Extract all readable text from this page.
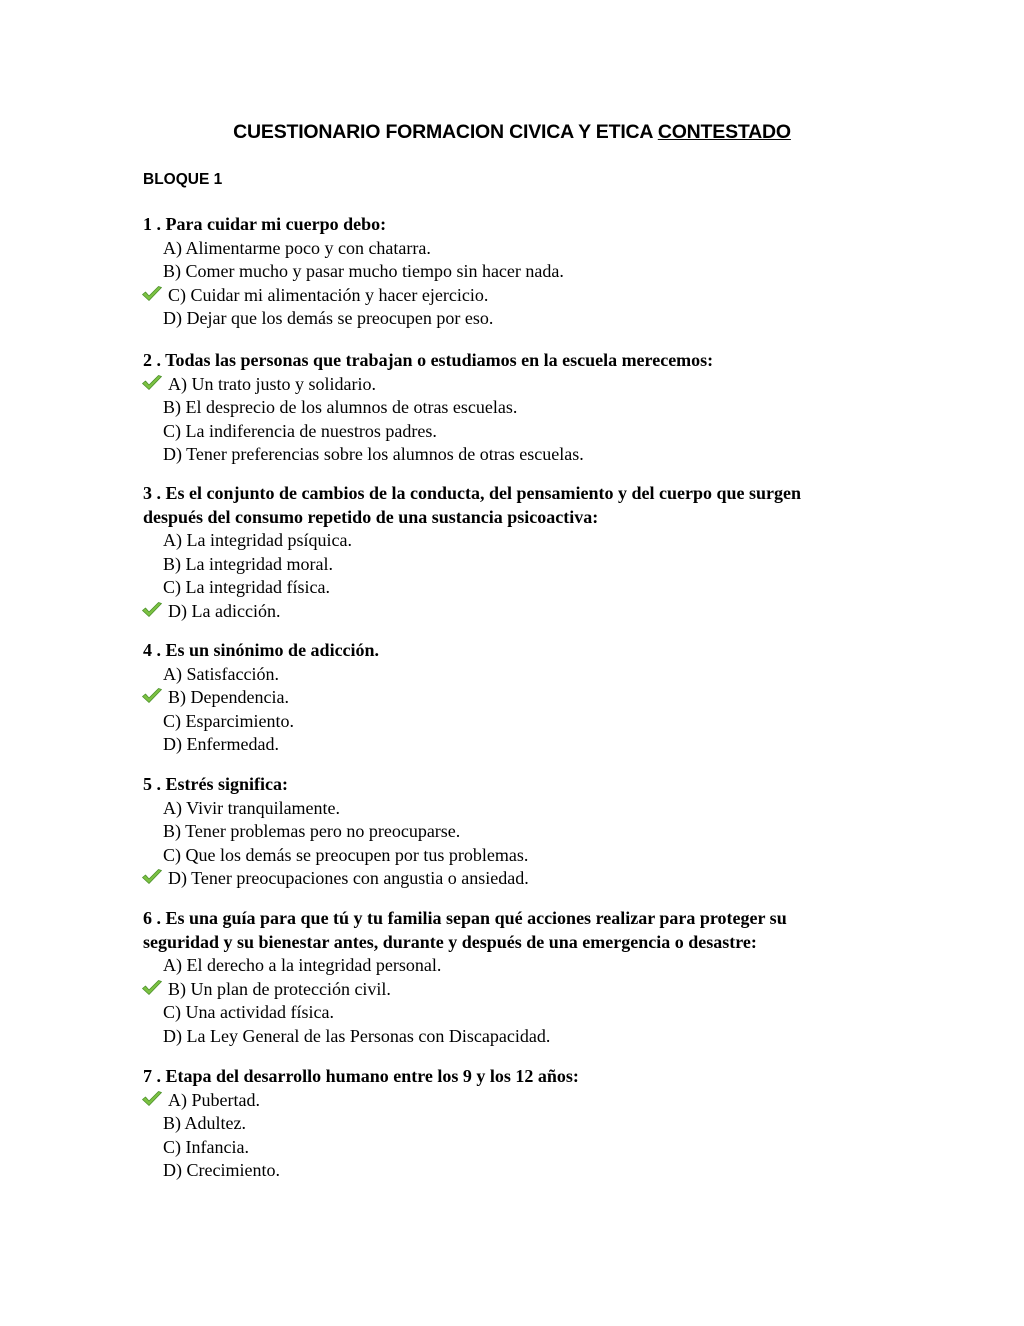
CUESTIONARIO FORMACION CIVICA Y ETICA CONTESTADO
BLOQUE 1
1 . Para cuidar mi cuerpo debo:
A) Alimentarme poco y con chatarra.
B) Comer mucho y pasar mucho tiempo sin hacer nada.
C) Cuidar mi alimentación y hacer ejercicio.
D) Dejar que los demás se preocupen por eso.
2 . Todas las personas que trabajan o estudiamos en la escuela merecemos:
A) Un trato justo y solidario.
B) El desprecio de los alumnos de otras escuelas.
C) La indiferencia de nuestros padres.
D) Tener preferencias sobre los alumnos de otras escuelas.
3 . Es el conjunto de cambios de la conducta, del pensamiento y del cuerpo que surgen
después del consumo repetido de una sustancia psicoactiva:
A) La integridad psíquica.
B) La integridad moral.
C) La integridad física.
D) La adicción.
4 . Es un sinónimo de adicción.
A) Satisfacción.
B) Dependencia.
C) Esparcimiento.
D) Enfermedad.
5 . Estrés significa:
A) Vivir tranquilamente.
B) Tener problemas pero no preocuparse.
C) Que los demás se preocupen por tus problemas.
D) Tener preocupaciones con angustia o ansiedad.
6 . Es una guía para que tú y tu familia sepan qué acciones realizar para proteger su
seguridad y su bienestar antes, durante y después de una emergencia o desastre:
A) El derecho a la integridad personal.
B) Un plan de protección civil.
C) Una actividad física.
D) La Ley General de las Personas con Discapacidad.
7 . Etapa del desarrollo humano entre los 9 y los 12 años:
A) Pubertad.
B) Adultez.
C) Infancia.
D) Crecimiento.
